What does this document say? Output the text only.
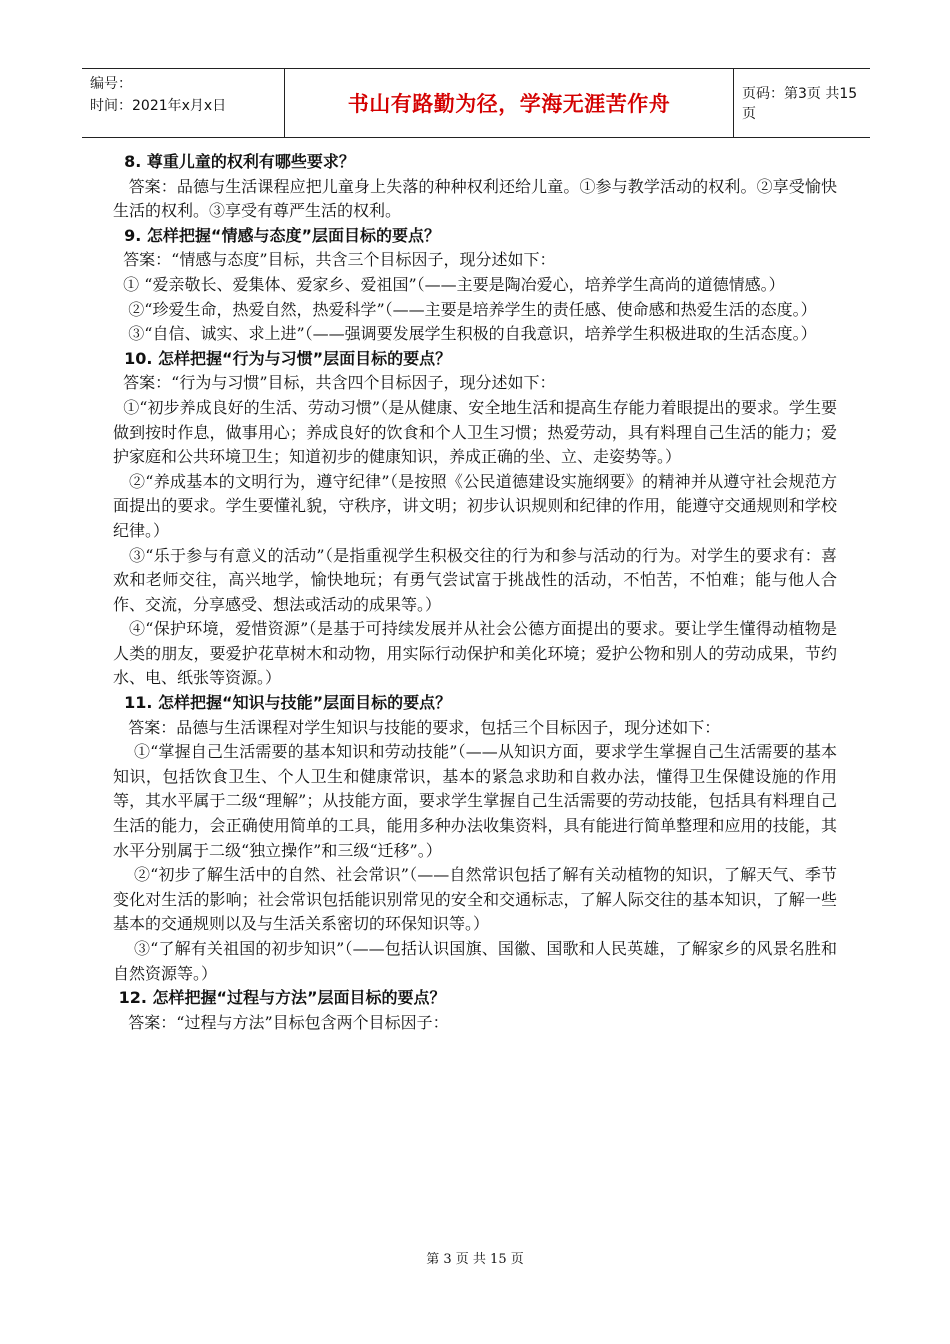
编号：
时间：2021年x月x日	书山有路勤为径，学海无涯苦作舟	页码：第3页 共15页

8. 尊重儿童的权利有哪些要求？

答案：品德与生活课程应把儿童身上失落的种种权利还给儿童。①参与教学活动的权利。②享受愉快生活的权利。③享受有尊严生活的权利。

9. 怎样把握“情感与态度”层面目标的要点？

答案：“情感与态度”目标，共含三个目标因子，现分述如下：

① “爱亲敬长、爱集体、爱家乡、爱祖国”（——主要是陶冶爱心，培养学生高尚的道德情感。）

②“珍爱生命，热爱自然，热爱科学”（——主要是培养学生的责任感、使命感和热爱生活的态度。）

③“自信、诚实、求上进”（——强调要发展学生积极的自我意识，培养学生积极进取的生活态度。）

10. 怎样把握“行为与习惯”层面目标的要点？

答案：“行为与习惯”目标，共含四个目标因子，现分述如下：

①“初步养成良好的生活、劳动习惯”（是从健康、安全地生活和提高生存能力着眼提出的要求。学生要做到按时作息，做事用心；养成良好的饮食和个人卫生习惯；热爱劳动，具有料理自己生活的能力；爱护家庭和公共环境卫生；知道初步的健康知识，养成正确的坐、立、走姿势等。）

②“养成基本的文明行为，遵守纪律”（是按照《公民道德建设实施纲要》的精神并从遵守社会规范方面提出的要求。学生要懂礼貌，守秩序，讲文明；初步认识规则和纪律的作用，能遵守交通规则和学校纪律。）

③“乐于参与有意义的活动”（是指重视学生积极交往的行为和参与活动的行为。对学生的要求有：喜欢和老师交往，高兴地学，愉快地玩；有勇气尝试富于挑战性的活动，不怕苦，不怕难；能与他人合作、交流，分享感受、想法或活动的成果等。）

④“保护环境，爱惜资源”（是基于可持续发展并从社会公德方面提出的要求。要让学生懂得动植物是人类的朋友，要爱护花草树木和动物，用实际行动保护和美化环境；爱护公物和别人的劳动成果，节约水、电、纸张等资源。）

11. 怎样把握“知识与技能”层面目标的要点？

答案：品德与生活课程对学生知识与技能的要求，包括三个目标因子，现分述如下：

①“掌握自己生活需要的基本知识和劳动技能”（——从知识方面，要求学生掌握自己生活需要的基本知识，包括饮食卫生、个人卫生和健康常识，基本的紧急求助和自救办法，懂得卫生保健设施的作用等，其水平属于二级“理解”；从技能方面，要求学生掌握自己生活需要的劳动技能，包括具有料理自己生活的能力，会正确使用简单的工具，能用多种办法收集资料，具有能进行简单整理和应用的技能，其水平分别属于二级“独立操作”和三级“迁移”。）

②“初步了解生活中的自然、社会常识”（——自然常识包括了解有关动植物的知识，了解天气、季节变化对生活的影响；社会常识包括能识别常见的安全和交通标志，了解人际交往的基本知识，了解一些基本的交通规则以及与生活关系密切的环保知识等。）

③“了解有关祖国的初步知识”（——包括认识国旗、国徽、国歌和人民英雄，了解家乡的风景名胜和自然资源等。）

12. 怎样把握“过程与方法”层面目标的要点？

答案：“过程与方法”目标包含两个目标因子：

第 3 页 共 15 页
